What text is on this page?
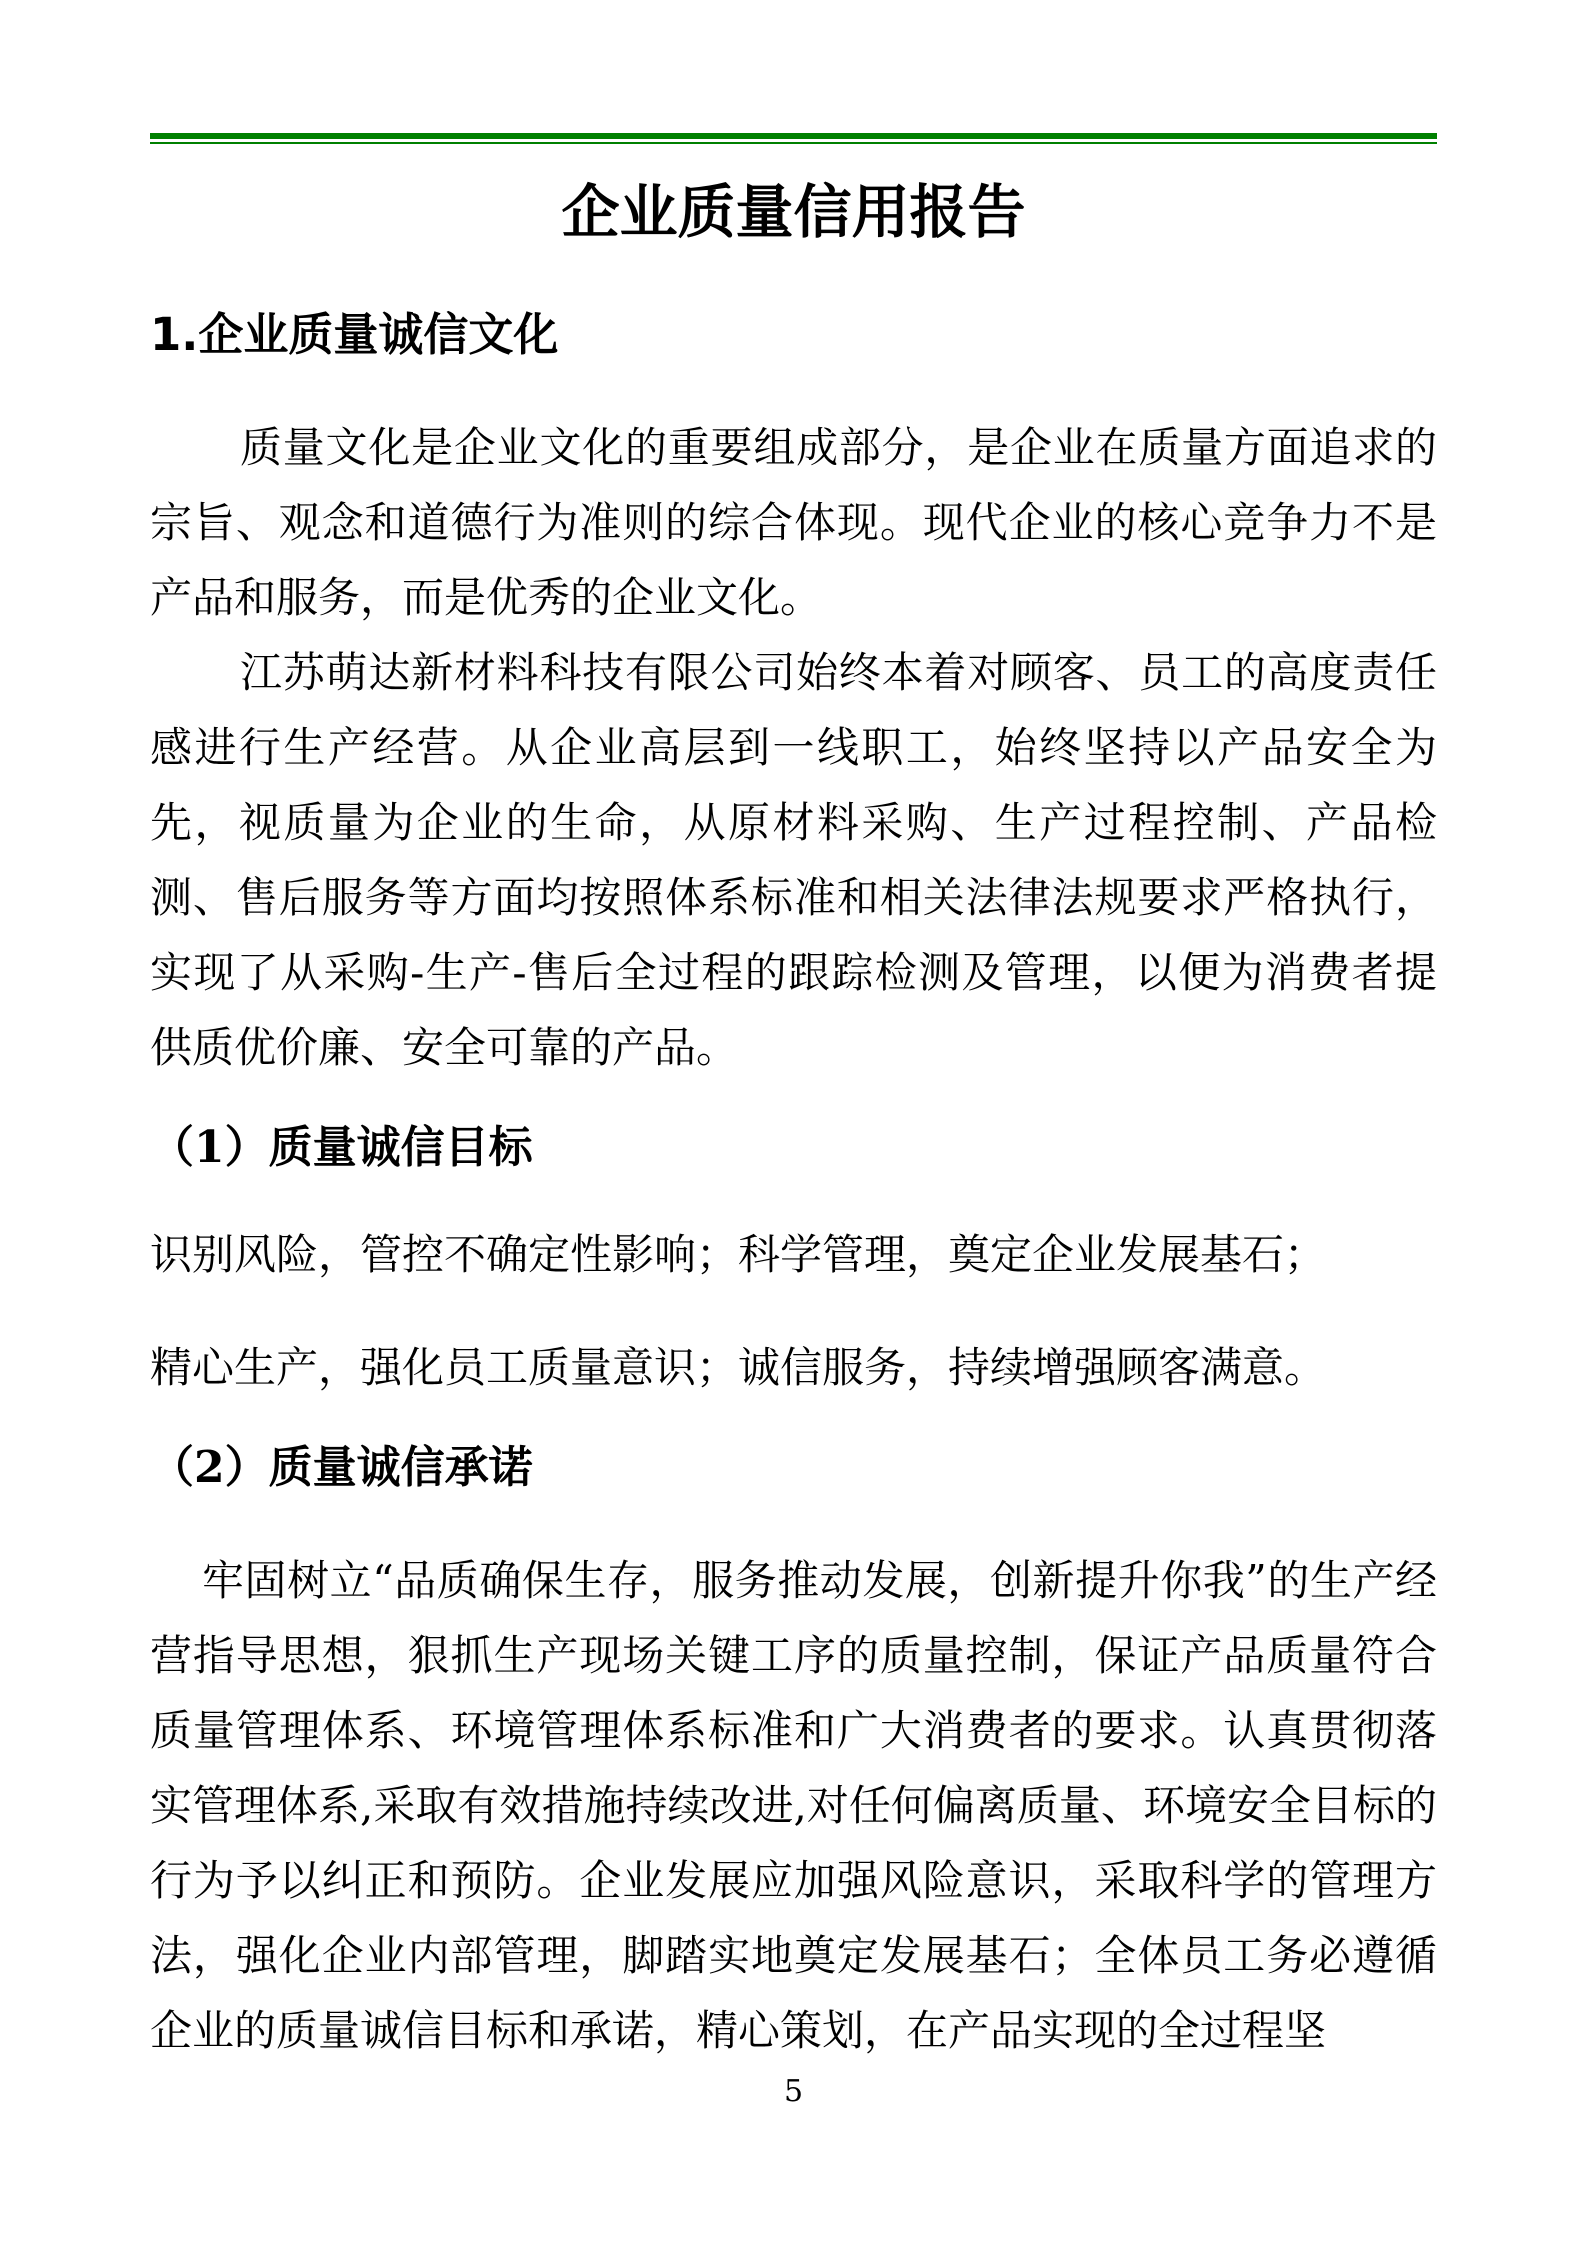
企业质量信用报告
1.企业质量诚信文化

质量文化是企业文化的重要组成部分，是企业在质量方面追求的宗旨、观念和道德行为准则的综合体现。现代企业的核心竞争力不是产品和服务，而是优秀的企业文化。

江苏萌达新材料科技有限公司始终本着对顾客、员工的高度责任感进行生产经营。从企业高层到一线职工，始终坚持以产品安全为先，视质量为企业的生命，从原材料采购、生产过程控制、产品检测、售后服务等方面均按照体系标准和相关法律法规要求严格执行，实现了从采购-生产-售后全过程的跟踪检测及管理，以便为消费者提供质优价廉、安全可靠的产品。

（1）质量诚信目标

识别风险，管控不确定性影响；科学管理，奠定企业发展基石；

精心生产，强化员工质量意识；诚信服务，持续增强顾客满意。

（2）质量诚信承诺

牢固树立“品质确保生存，服务推动发展，创新提升你我”的生产经营指导思想，狠抓生产现场关键工序的质量控制，保证产品质量符合质量管理体系、环境管理体系标准和广大消费者的要求。认真贯彻落实管理体系,采取有效措施持续改进,对任何偏离质量、环境安全目标的行为予以纠正和预防。企业发展应加强风险意识，采取科学的管理方法，强化企业内部管理，脚踏实地奠定发展基石；全体员工务必遵循企业的质量诚信目标和承诺，精心策划，在产品实现的全过程坚

5
